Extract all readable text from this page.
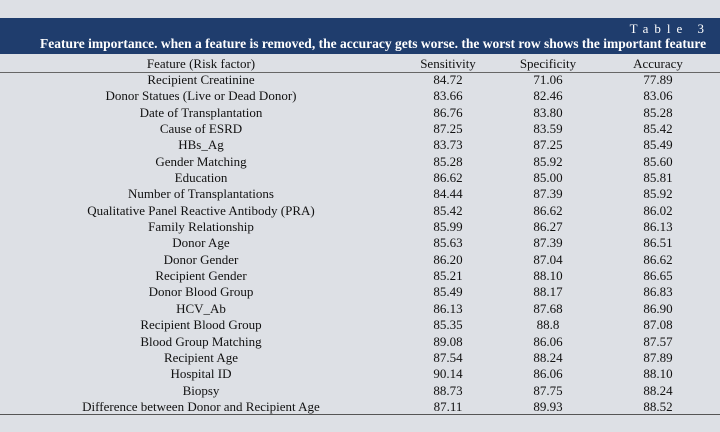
Table 3
Feature importance. when a feature is removed, the accuracy gets worse. the worst row shows the important feature
Feature (Risk factor)	Sensitivity	Specificity	Accuracy
Recipient Creatinine	84.72	71.06	77.89
Donor Statues (Live or Dead Donor)	83.66	82.46	83.06
Date of Transplantation	86.76	83.80	85.28
Cause of ESRD	87.25	83.59	85.42
HBs_Ag	83.73	87.25	85.49
Gender Matching	85.28	85.92	85.60
Education	86.62	85.00	85.81
Number of Transplantations	84.44	87.39	85.92
Qualitative Panel Reactive Antibody (PRA)	85.42	86.62	86.02
Family Relationship	85.99	86.27	86.13
Donor Age	85.63	87.39	86.51
Donor Gender	86.20	87.04	86.62
Recipient Gender	85.21	88.10	86.65
Donor Blood Group	85.49	88.17	86.83
HCV_Ab	86.13	87.68	86.90
Recipient Blood Group	85.35	88.8	87.08
Blood Group Matching	89.08	86.06	87.57
Recipient Age	87.54	88.24	87.89
Hospital ID	90.14	86.06	88.10
Biopsy	88.73	87.75	88.24
Difference between Donor and Recipient Age	87.11	89.93	88.52
